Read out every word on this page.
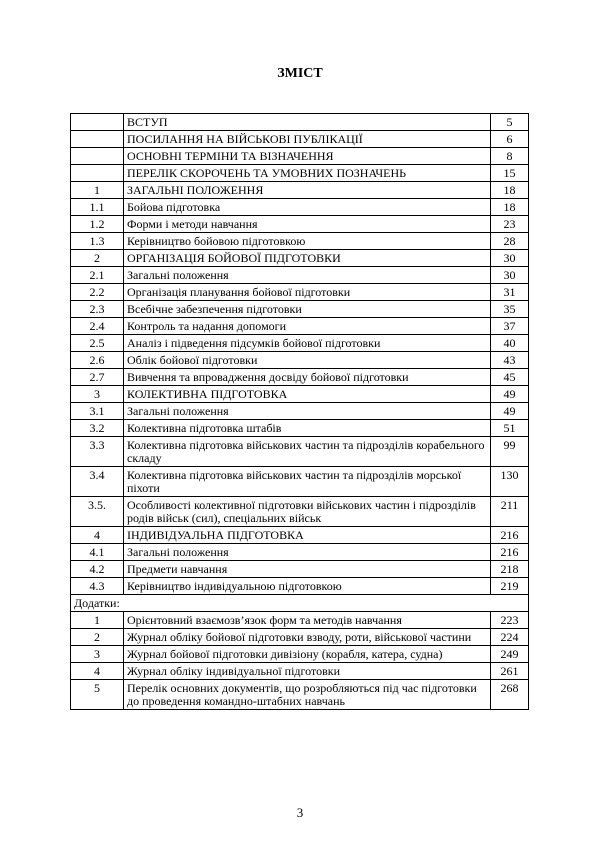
ЗМІСТ
	ВСТУП	5
	ПОСИЛАННЯ НА ВІЙСЬКОВІ ПУБЛІКАЦІЇ	6
	ОСНОВНІ ТЕРМІНИ ТА ВІЗНАЧЕННЯ	8
	ПЕРЕЛІК СКОРОЧЕНЬ ТА УМОВНИХ ПОЗНАЧЕНЬ	15
1	ЗАГАЛЬНІ ПОЛОЖЕННЯ	18
1.1	Бойова підготовка	18
1.2	Форми і методи навчання	23
1.3	Керівництво бойовою підготовкою	28
2	ОРГАНІЗАЦІЯ БОЙОВОЇ ПІДГОТОВКИ	30
2.1	Загальні положення	30
2.2	Організація планування бойової підготовки	31
2.3	Всебічне забезпечення підготовки	35
2.4	Контроль та надання допомоги	37
2.5	Аналіз і підведення підсумків бойової підготовки	40
2.6	Облік бойової підготовки	43
2.7	Вивчення та впровадження досвіду бойової підготовки	45
3	КОЛЕКТИВНА ПІДГОТОВКА	49
3.1	Загальні положення	49
3.2	Колективна підготовка штабів	51
3.3	Колективна підготовка військових частин та підрозділів корабельного складу	99
3.4	Колективна підготовка військових частин та підрозділів морської піхоти	130
3.5.	Особливості колективної підготовки військових частин і підрозділів родів військ (сил), спеціальних військ	211
4	ІНДИВІДУАЛЬНА ПІДГОТОВКА	216
4.1	Загальні положення	216
4.2	Предмети навчання	218
4.3	Керівництво індивідуальною підготовкою	219
Додатки:		
1	Орієнтовний взаємозв’язок форм та методів навчання	223
2	Журнал обліку бойової підготовки взводу, роти, військової частини	224
3	Журнал бойової підготовки дивізіону (корабля, катера, судна)	249
4	Журнал обліку індивідуальної підготовки	261
5	Перелік основних документів, що розробляються під час підготовки до проведення командно-штабних навчань	268
3
